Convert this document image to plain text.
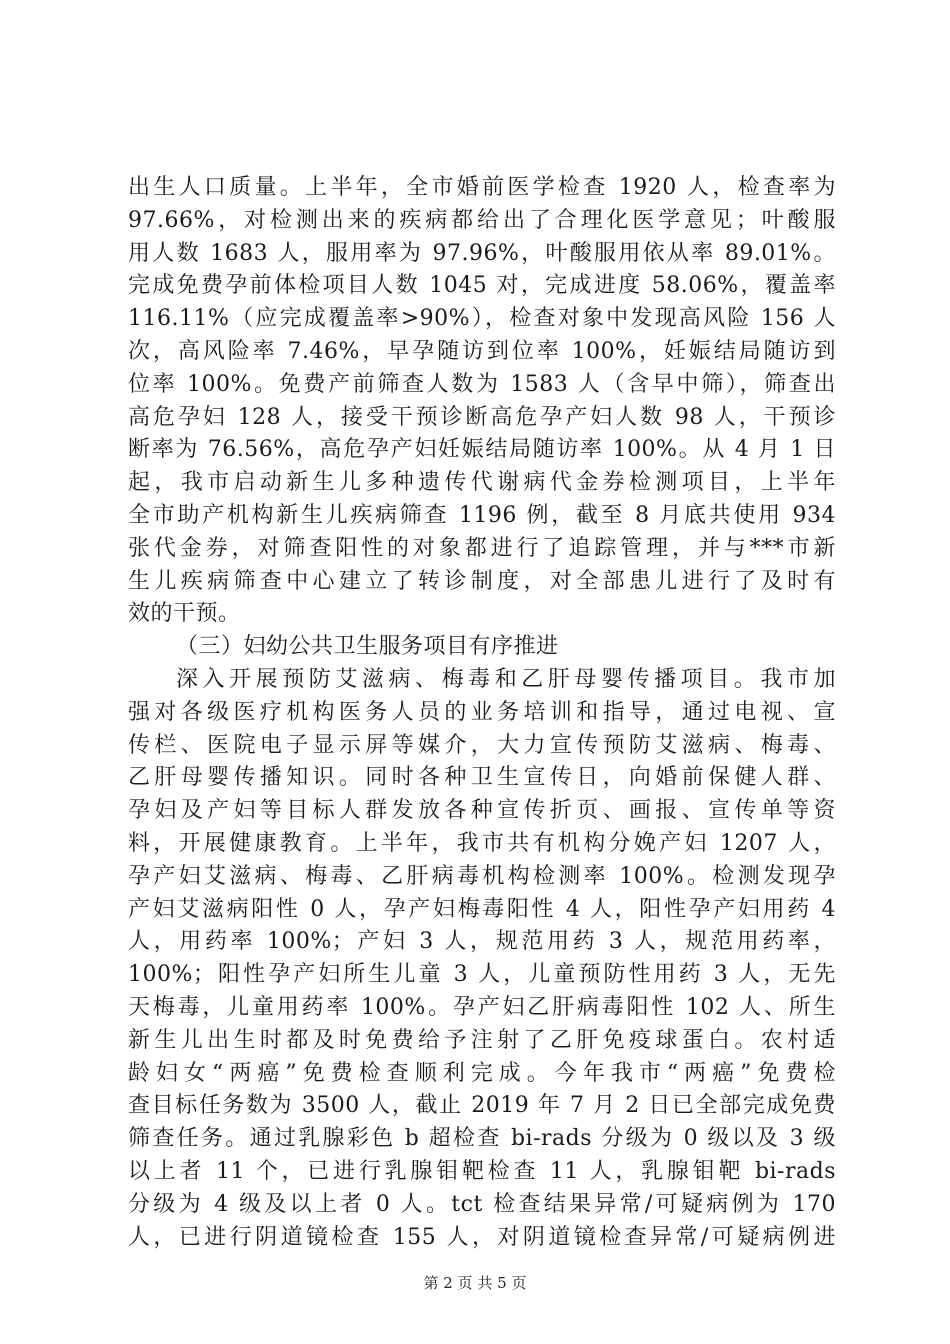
出生人口质量。上半年，全市婚前医学检查 1920 人，检查率为
97.66%，对检测出来的疾病都给出了合理化医学意见；叶酸服
用人数 1683 人，服用率为 97.96%，叶酸服用依从率 89.01%。
完成免费孕前体检项目人数 1045 对，完成进度 58.06%，覆盖率
116.11%（应完成覆盖率>90%），检查对象中发现高风险 156 人
次，高风险率 7.46%，早孕随访到位率 100%，妊娠结局随访到
位率 100%。免费产前筛查人数为 1583 人（含早中筛），筛查出
高危孕妇 128 人，接受干预诊断高危孕产妇人数 98 人，干预诊
断率为 76.56%，高危孕产妇妊娠结局随访率 100%。从 4 月 1 日
起，我市启动新生儿多种遗传代谢病代金券检测项目，上半年
全市助产机构新生儿疾病筛查 1196 例，截至 8 月底共使用 934
张代金券，对筛查阳性的对象都进行了追踪管理，并与***市新
生儿疾病筛查中心建立了转诊制度，对全部患儿进行了及时有
效的干预。
（三）妇幼公共卫生服务项目有序推进
深入开展预防艾滋病、梅毒和乙肝母婴传播项目。我市加
强对各级医疗机构医务人员的业务培训和指导，通过电视、宣
传栏、医院电子显示屏等媒介，大力宣传预防艾滋病、梅毒、
乙肝母婴传播知识。同时各种卫生宣传日，向婚前保健人群、
孕妇及产妇等目标人群发放各种宣传折页、画报、宣传单等资
料，开展健康教育。上半年，我市共有机构分娩产妇 1207 人，
孕产妇艾滋病、梅毒、乙肝病毒机构检测率 100%。检测发现孕
产妇艾滋病阳性 0 人，孕产妇梅毒阳性 4 人，阳性孕产妇用药 4
人，用药率 100%；产妇 3 人，规范用药 3 人，规范用药率，
100%；阳性孕产妇所生儿童 3 人，儿童预防性用药 3 人，无先
天梅毒，儿童用药率 100%。孕产妇乙肝病毒阳性 102 人、所生
新生儿出生时都及时免费给予注射了乙肝免疫球蛋白。农村适
龄妇女“两癌”免费检查顺利完成。今年我市“两癌”免费检
查目标任务数为 3500 人，截止 2019 年 7 月 2 日已全部完成免费
筛查任务。通过乳腺彩色 b 超检查 bi-rads 分级为 0 级以及 3 级
以上者 11 个，已进行乳腺钼靶检查 11 人，乳腺钼靶 bi-rads
分级为 4 级及以上者 0 人。tct 检查结果异常/可疑病例为 170
人，已进行阴道镜检查 155 人，对阴道镜检查异常/可疑病例进
第 2 页 共 5 页
